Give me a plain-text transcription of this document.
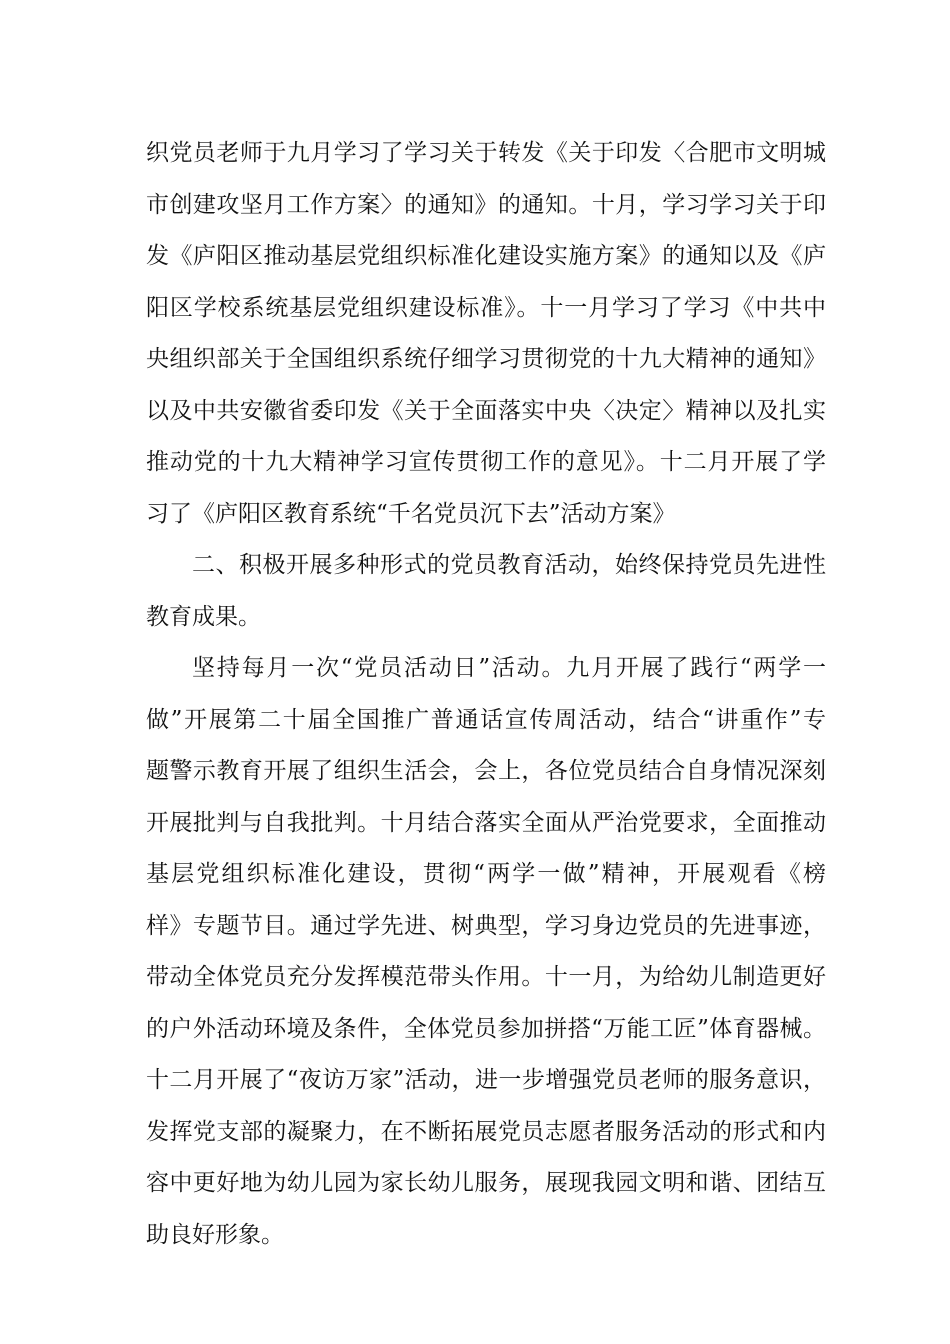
织党员老师于九月学习了学习关于转发《关于印发〈合肥市文明城
市创建攻坚月工作方案〉的通知》的通知。十月，学习学习关于印
发《庐阳区推动基层党组织标准化建设实施方案》的通知以及《庐
阳区学校系统基层党组织建设标准》。十一月学习了学习《中共中
央组织部关于全国组织系统仔细学习贯彻党的十九大精神的通知》
以及中共安徽省委印发《关于全面落实中央〈决定〉精神以及扎实
推动党的十九大精神学习宣传贯彻工作的意见》。十二月开展了学
习了《庐阳区教育系统“千名党员沉下去”活动方案》
二、积极开展多种形式的党员教育活动，始终保持党员先进性
教育成果。
坚持每月一次“党员活动日”活动。九月开展了践行“两学一
做”开展第二十届全国推广普通话宣传周活动，结合“讲重作”专
题警示教育开展了组织生活会，会上，各位党员结合自身情况深刻
开展批判与自我批判。十月结合落实全面从严治党要求，全面推动
基层党组织标准化建设，贯彻“两学一做”精神，开展观看《榜
样》专题节目。通过学先进、树典型，学习身边党员的先进事迹，
带动全体党员充分发挥模范带头作用。十一月，为给幼儿制造更好
的户外活动环境及条件，全体党员参加拼搭“万能工匠”体育器械。
十二月开展了“夜访万家”活动，进一步增强党员老师的服务意识，
发挥党支部的凝聚力，在不断拓展党员志愿者服务活动的形式和内
容中更好地为幼儿园为家长幼儿服务，展现我园文明和谐、团结互
助良好形象。
